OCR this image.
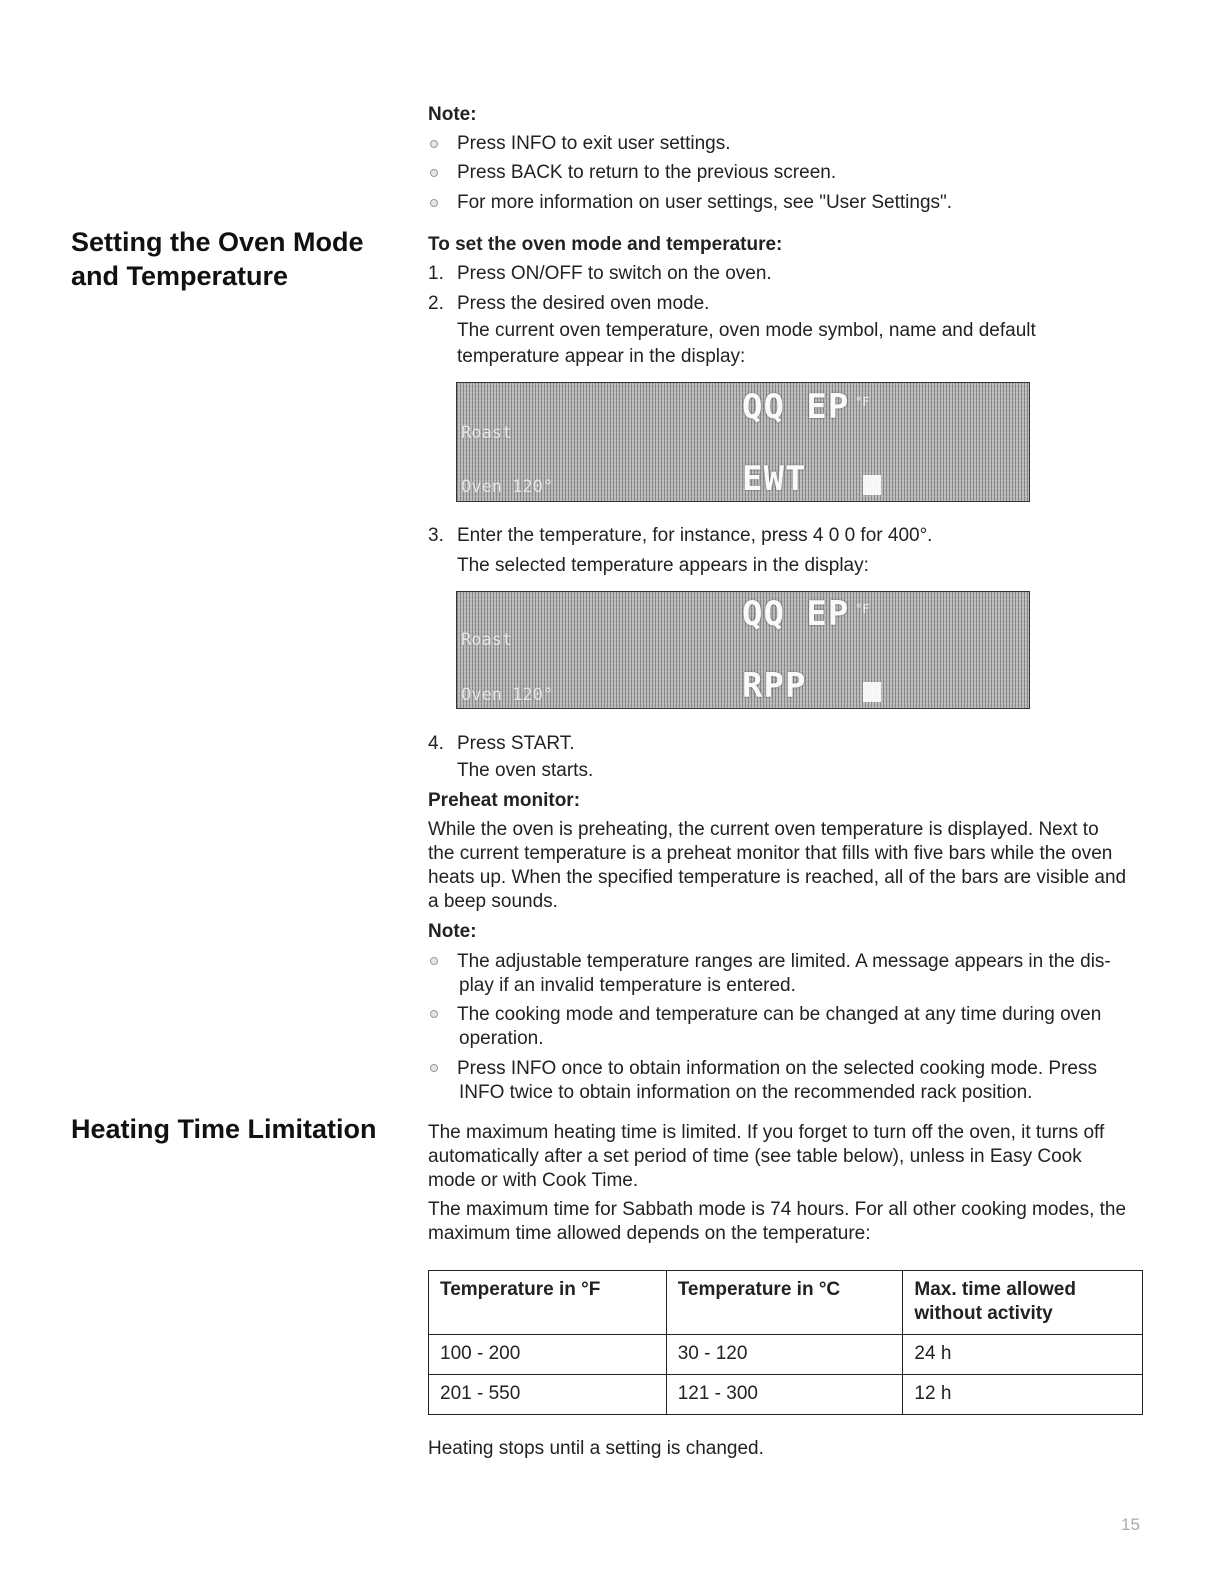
Setting the Oven Mode
and Temperature
Heating Time Limitation
Note:
Press INFO to exit user settings.
Press BACK to return to the previous screen.
For more information on user settings, see "User Settings".
To set the oven mode and temperature:
1. Press ON/OFF to switch on the oven.
2. Press the desired oven mode.
The current oven temperature, oven mode symbol, name and default
temperature appear in the display:
QQ EP °F
Roast
Oven 120°	EWT
3. Enter the temperature, for instance, press 4 0 0 for 400°.
The selected temperature appears in the display:
QQ EP °F
Roast
Oven 120°	RPP
4. Press START.
The oven starts.
Preheat monitor:
While the oven is preheating, the current oven temperature is displayed. Next to
the current temperature is a preheat monitor that fills with five bars while the oven
heats up. When the specified temperature is reached, all of the bars are visible and
a beep sounds.
Note:
The adjustable temperature ranges are limited. A message appears in the dis-
play if an invalid temperature is entered.
The cooking mode and temperature can be changed at any time during oven
operation.
Press INFO once to obtain information on the selected cooking mode. Press
INFO twice to obtain information on the recommended rack position.
The maximum heating time is limited. If you forget to turn off the oven, it turns off
automatically after a set period of time (see table below), unless in Easy Cook
mode or with Cook Time.
The maximum time for Sabbath mode is 74 hours. For all other cooking modes, the
maximum time allowed depends on the temperature:
Temperature in °F	Temperature in °C	Max. time allowed
without activity

100 - 200	30 - 120	24 h
201 - 550	121 - 300	12 h
Heating stops until a setting is changed.
15
